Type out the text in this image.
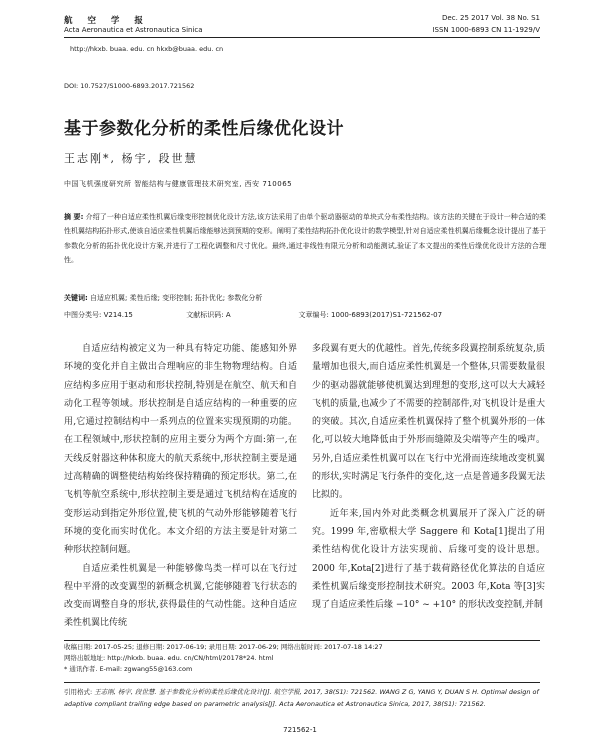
航 空 学 报
Acta Aeronautica et Astronautica Sinica
Dec. 25 2017 Vol. 38 No. S1
ISSN 1000-6893 CN 11-1929/V
http://hkxb. buaa. edu. cn hkxb@buaa. edu. cn
DOI: 10.7527/S1000-6893.2017.721562
基于参数化分析的柔性后缘优化设计
王志刚*, 杨宇, 段世慧
中国飞机强度研究所 智能结构与健康管理技术研究室, 西安 710065
摘 要: 介绍了一种自适应柔性机翼后缘变形控制优化设计方法,该方法采用了由单个驱动器驱动的单块式分布柔性结构。该方法的关键在于设计一种合适的柔性机翼结构拓扑形式,使该自适应柔性机翼后缘能够达到预期的变形。阐明了柔性结构拓扑优化设计的数学模型,针对自适应柔性机翼后缘概念设计提出了基于参数化分析的拓扑优化设计方案,并进行了工程化调整和尺寸优化。最终,通过非线性有限元分析和动能测试,验证了本文提出的柔性后缘优化设计方法的合理性。
关键词: 自适应机翼; 柔性后缘; 变形控制; 拓扑优化; 参数化分析
中图分类号: V214.15	文献标识码: A	文章编号: 1000-6893(2017)S1-721562-07

自适应结构被定义为一种具有特定功能、能感知外界环境的变化并自主做出合理响应的非生物物理结构。自适应结构多应用于驱动和形状控制,特别是在航空、航天和自动化工程等领域。形状控制是自适应结构的一种重要的应用,它通过控制结构中一系列点的位置来实现预期的功能。在工程领域中,形状控制的应用主要分为两个方面:第一,在天线反射器这种体积庞大的航天系统中,形状控制主要是通过高精确的调整使结构始终保持精确的预定形状。第二,在飞机等航空系统中,形状控制主要是通过飞机结构在适度的变形运动到指定外形位置,使飞机的气动外形能够随着飞行环境的变化而实时优化。本文介绍的方法主要是针对第二种形状控制问题。

自适应柔性机翼是一种能够像鸟类一样可以在飞行过程中平滑的改变翼型的新概念机翼,它能够随着飞行状态的改变而调整自身的形状,获得最佳的气动性能。这种自适应柔性机翼比传统

多段翼有更大的优越性。首先,传统多段翼控制系统复杂,质量增加也很大,而自适应柔性机翼是一个整体,只需要数量很少的驱动器就能够使机翼达到理想的变形,这可以大大减轻飞机的质量,也减少了不需要的控制部件,对飞机设计是重大的突破。其次,自适应柔性机翼保持了整个机翼外形的一体化,可以较大地降低由于外形而缝隙及尖端等产生的噪声。另外,自适应柔性机翼可以在飞行中光滑而连续地改变机翼的形状,实时满足飞行条件的变化,这一点是普通多段翼无法比拟的。

近年来,国内外对此类概念机翼展开了深入广泛的研究。1999 年,密歇根大学 Saggere 和 Kota[1]提出了用柔性结构优化设计方法实现前、后缘可变的设计思想。2000 年,Kota[2]进行了基于载荷路径优化算法的自适应柔性机翼后缘变形控制技术研究。2003 年,Kota 等[3]实现了自适应柔性后缘 −10° ~ +10° 的形状改变控制,并制

收稿日期: 2017-05-25; 退修日期: 2017-06-19; 录用日期: 2017-06-29; 网络出版时间: 2017-07-18 14:27
网络出版地址: http://hkxb. buaa. edu. cn/CN/html/20178*24. html
* 通讯作者. E-mail: zgwang55@163.com
引用格式: 王志刚, 杨宇, 段世慧. 基于参数化分析的柔性后缘优化设计[J]. 航空学报, 2017, 38(S1): 721562. WANG Z G, YANG Y, DUAN S H. Optimal design of adaptive compliant trailing edge based on parametric analysis[J]. Acta Aeronautica et Astronautica Sinica, 2017, 38(S1): 721562.
721562-1
